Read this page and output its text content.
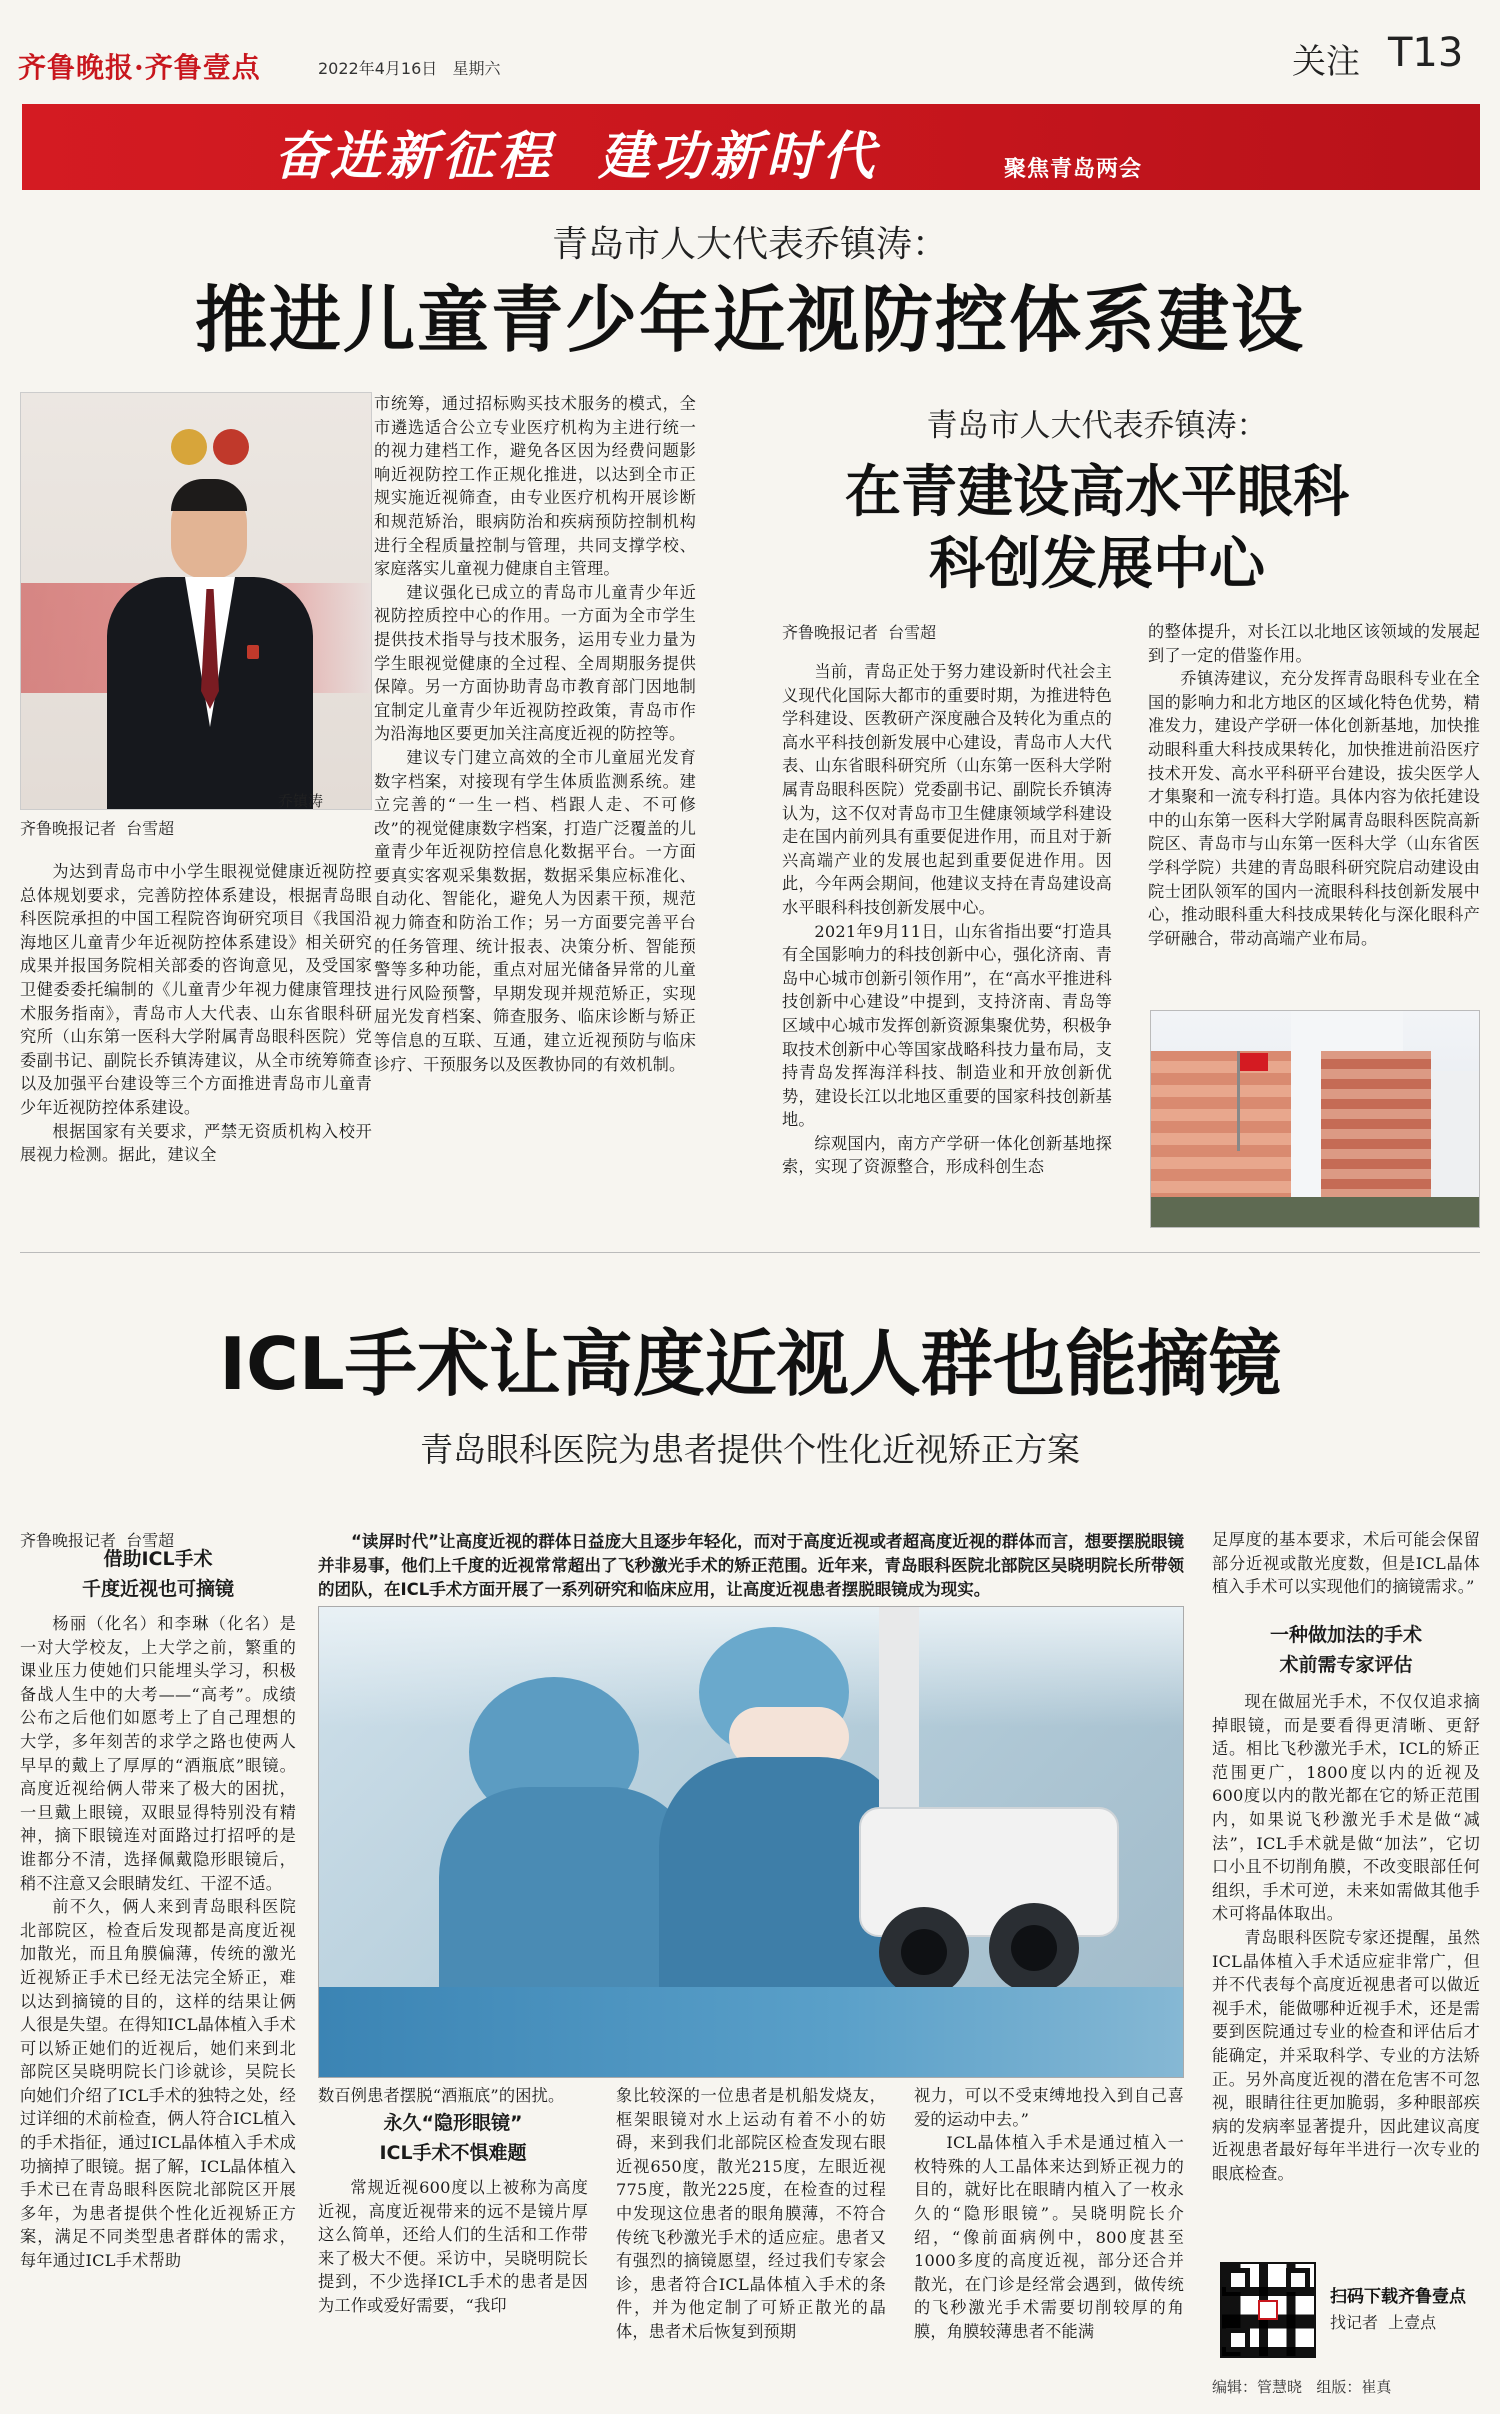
齐鲁晚报·齐鲁壹点	2022年4月16日 星期六	关注 T13
奋进新征程  建功新时代	聚焦青岛两会
青岛市人大代表乔镇涛：
推进儿童青少年近视防控体系建设
乔镇涛
齐鲁晚报记者  台雪超

为达到青岛市中小学生眼视觉健康近视防控总体规划要求，完善防控体系建设，根据青岛眼科医院承担的中国工程院咨询研究项目《我国沿海地区儿童青少年近视防控体系建设》相关研究成果并报国务院相关部委的咨询意见，及受国家卫健委委托编制的《儿童青少年视力健康管理技术服务指南》，青岛市人大代表、山东省眼科研究所（山东第一医科大学附属青岛眼科医院）党委副书记、副院长乔镇涛建议，从全市统筹筛查以及加强平台建设等三个方面推进青岛市儿童青少年近视防控体系建设。

根据国家有关要求，严禁无资质机构入校开展视力检测。据此，建议全

市统筹，通过招标购买技术服务的模式，全市遴选适合公立专业医疗机构为主进行统一的视力建档工作，避免各区因为经费问题影响近视防控工作正规化推进，以达到全市正规实施近视筛查，由专业医疗机构开展诊断和规范矫治，眼病防治和疾病预防控制机构进行全程质量控制与管理，共同支撑学校、家庭落实儿童视力健康自主管理。

建议强化已成立的青岛市儿童青少年近视防控质控中心的作用。一方面为全市学生提供技术指导与技术服务，运用专业力量为学生眼视觉健康的全过程、全周期服务提供保障。另一方面协助青岛市教育部门因地制宜制定儿童青少年近视防控政策，青岛市作为沿海地区要更加关注高度近视的防控等。

建议专门建立高效的全市儿童屈光发育数字档案，对接现有学生体质监测系统。建立完善的“一生一档、档跟人走、不可修改”的视觉健康数字档案，打造广泛覆盖的儿童青少年近视防控信息化数据平台。一方面要真实客观采集数据，数据采集应标准化、自动化、智能化，避免人为因素干预，规范视力筛查和防治工作；另一方面要完善平台的任务管理、统计报表、决策分析、智能预警等多种功能，重点对屈光储备异常的儿童进行风险预警，早期发现并规范矫正，实现屈光发育档案、筛查服务、临床诊断与矫正等信息的互联、互通，建立近视预防与临床诊疗、干预服务以及医教协同的有效机制。

青岛市人大代表乔镇涛：
在青建设高水平眼科
科创发展中心
齐鲁晚报记者  台雪超

当前，青岛正处于努力建设新时代社会主义现代化国际大都市的重要时期，为推进特色学科建设、医教研产深度融合及转化为重点的高水平科技创新发展中心建设，青岛市人大代表、山东省眼科研究所（山东第一医科大学附属青岛眼科医院）党委副书记、副院长乔镇涛认为，这不仅对青岛市卫生健康领域学科建设走在国内前列具有重要促进作用，而且对于新兴高端产业的发展也起到重要促进作用。因此，今年两会期间，他建议支持在青岛建设高水平眼科科技创新发展中心。

2021年9月11日，山东省指出要“打造具有全国影响力的科技创新中心，强化济南、青岛中心城市创新引领作用”，在“高水平推进科技创新中心建设”中提到，支持济南、青岛等区域中心城市发挥创新资源集聚优势，积极争取技术创新中心等国家战略科技力量布局，支持青岛发挥海洋科技、制造业和开放创新优势，建设长江以北地区重要的国家科技创新基地。

综观国内，南方产学研一体化创新基地探索，实现了资源整合，形成科创生态

的整体提升，对长江以北地区该领域的发展起到了一定的借鉴作用。

乔镇涛建议，充分发挥青岛眼科专业在全国的影响力和北方地区的区域化特色优势，精准发力，建设产学研一体化创新基地，加快推动眼科重大科技成果转化，加快推进前沿医疗技术开发、高水平科研平台建设，拔尖医学人才集聚和一流专科打造。具体内容为依托建设中的山东第一医科大学附属青岛眼科医院高新院区、青岛市与山东第一医科大学（山东省医学科学院）共建的青岛眼科研究院启动建设由院士团队领军的国内一流眼科科技创新发展中心，推动眼科重大科技成果转化与深化眼科产学研融合，带动高端产业布局。

ICL手术让高度近视人群也能摘镜
青岛眼科医院为患者提供个性化近视矫正方案
齐鲁晚报记者  台雪超
借助ICL手术
千度近视也可摘镜

杨丽（化名）和李琳（化名）是一对大学校友，上大学之前，繁重的课业压力使她们只能埋头学习，积极备战人生中的大考——“高考”。成绩公布之后他们如愿考上了自己理想的大学，多年刻苦的求学之路也使两人早早的戴上了厚厚的“酒瓶底”眼镜。高度近视给俩人带来了极大的困扰，一旦戴上眼镜，双眼显得特别没有精神，摘下眼镜连对面路过打招呼的是谁都分不清，选择佩戴隐形眼镜后，稍不注意又会眼睛发红、干涩不适。

前不久，俩人来到青岛眼科医院北部院区，检查后发现都是高度近视加散光，而且角膜偏薄，传统的激光近视矫正手术已经无法完全矫正，难以达到摘镜的目的，这样的结果让俩人很是失望。在得知ICL晶体植入手术可以矫正她们的近视后，她们来到北部院区吴晓明院长门诊就诊，吴院长向她们介绍了ICL手术的独特之处，经过详细的术前检查，俩人符合ICL植入的手术指征，通过ICL晶体植入手术成功摘掉了眼镜。据了解，ICL晶体植入手术已在青岛眼科医院北部院区开展多年，为患者提供个性化近视矫正方案，满足不同类型患者群体的需求，每年通过ICL手术帮助

“读屏时代”让高度近视的群体日益庞大且逐步年轻化，而对于高度近视或者超高度近视的群体而言，想要摆脱眼镜并非易事，他们上千度的近视常常超出了飞秒激光手术的矫正范围。近年来，青岛眼科医院北部院区吴晓明院长所带领的团队，在ICL手术方面开展了一系列研究和临床应用，让高度近视患者摆脱眼镜成为现实。
数百例患者摆脱“酒瓶底”的困扰。
永久“隐形眼镜”
ICL手术不惧难题

常规近视600度以上被称为高度近视，高度近视带来的远不是镜片厚这么简单，还给人们的生活和工作带来了极大不便。采访中，吴晓明院长提到，不少选择ICL手术的患者是因为工作或爱好需要，“我印

象比较深的一位患者是机船发烧友，框架眼镜对水上运动有着不小的妨碍，来到我们北部院区检查发现右眼近视650度，散光215度，左眼近视775度，散光225度，在检查的过程中发现这位患者的眼角膜薄，不符合传统飞秒激光手术的适应症。患者又有强烈的摘镜愿望，经过我们专家会诊，患者符合ICL晶体植入手术的条件，并为他定制了可矫正散光的晶体，患者术后恢复到预期

视力，可以不受束缚地投入到自己喜爱的运动中去。”

ICL晶体植入手术是通过植入一枚特殊的人工晶体来达到矫正视力的目的，就好比在眼睛内植入了一枚永久的“隐形眼镜”。吴晓明院长介绍，“像前面病例中，800度甚至1000多度的高度近视，部分还合并散光，在门诊是经常会遇到，做传统的飞秒激光手术需要切削较厚的角膜，角膜较薄患者不能满

足厚度的基本要求，术后可能会保留部分近视或散光度数，但是ICL晶体植入手术可以实现他们的摘镜需求。”
一种做加法的手术
术前需专家评估

现在做屈光手术，不仅仅追求摘掉眼镜，而是要看得更清晰、更舒适。相比飞秒激光手术，ICL的矫正范围更广，1800度以内的近视及600度以内的散光都在它的矫正范围内，如果说飞秒激光手术是做“减法”，ICL手术就是做“加法”，它切口小且不切削角膜，不改变眼部任何组织，手术可逆，未来如需做其他手术可将晶体取出。

青岛眼科医院专家还提醒，虽然ICL晶体植入手术适应症非常广，但并不代表每个高度近视患者可以做近视手术，能做哪种近视手术，还是需要到医院通过专业的检查和评估后才能确定，并采取科学、专业的方法矫正。另外高度近视的潜在危害不可忽视，眼睛往往更加脆弱，多种眼部疾病的发病率显著提升，因此建议高度近视患者最好每年半进行一次专业的眼底检查。

扫码下载齐鲁壹点
找记者  上壹点
编辑：管慧晓 组版：崔真
